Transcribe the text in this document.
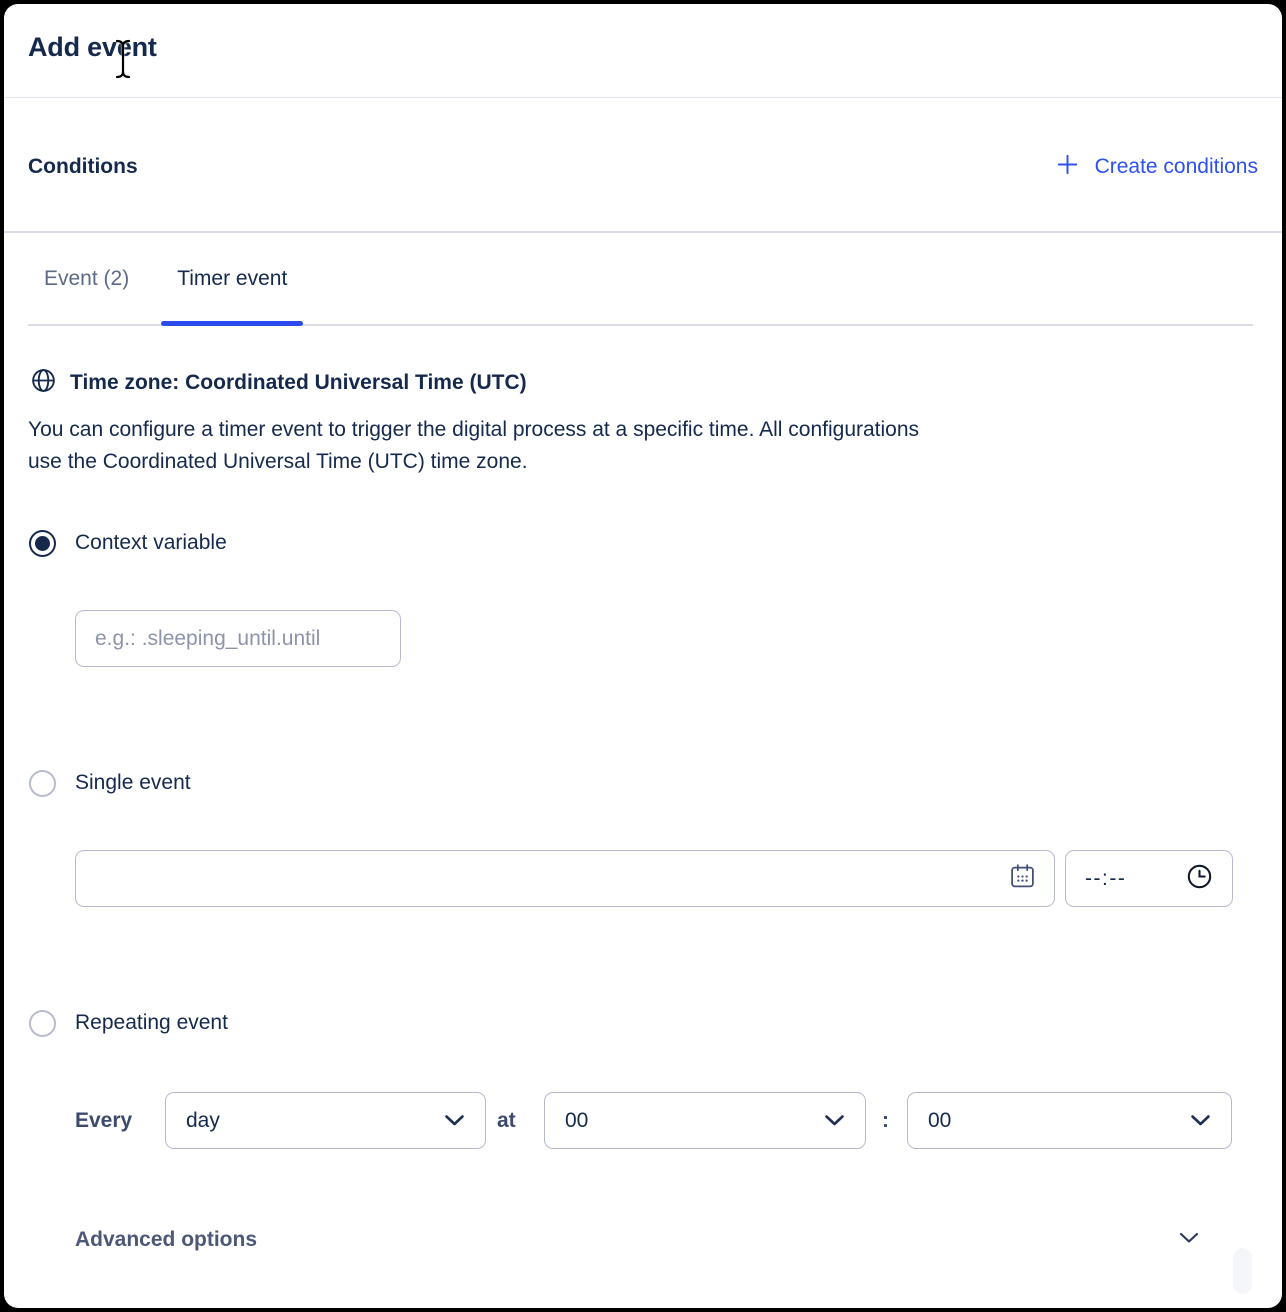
Add event
Conditions	Create conditions
Event (2)	Timer event
Time zone: Coordinated Universal Time (UTC)
You can configure a timer event to trigger the digital process at a specific time. All configurations
use the Coordinated Universal Time (UTC) time zone.
Context variable
e.g.: .sleeping_until.until
Single event
--:--
Repeating event
Every	day	at 00	: 00
Advanced options
